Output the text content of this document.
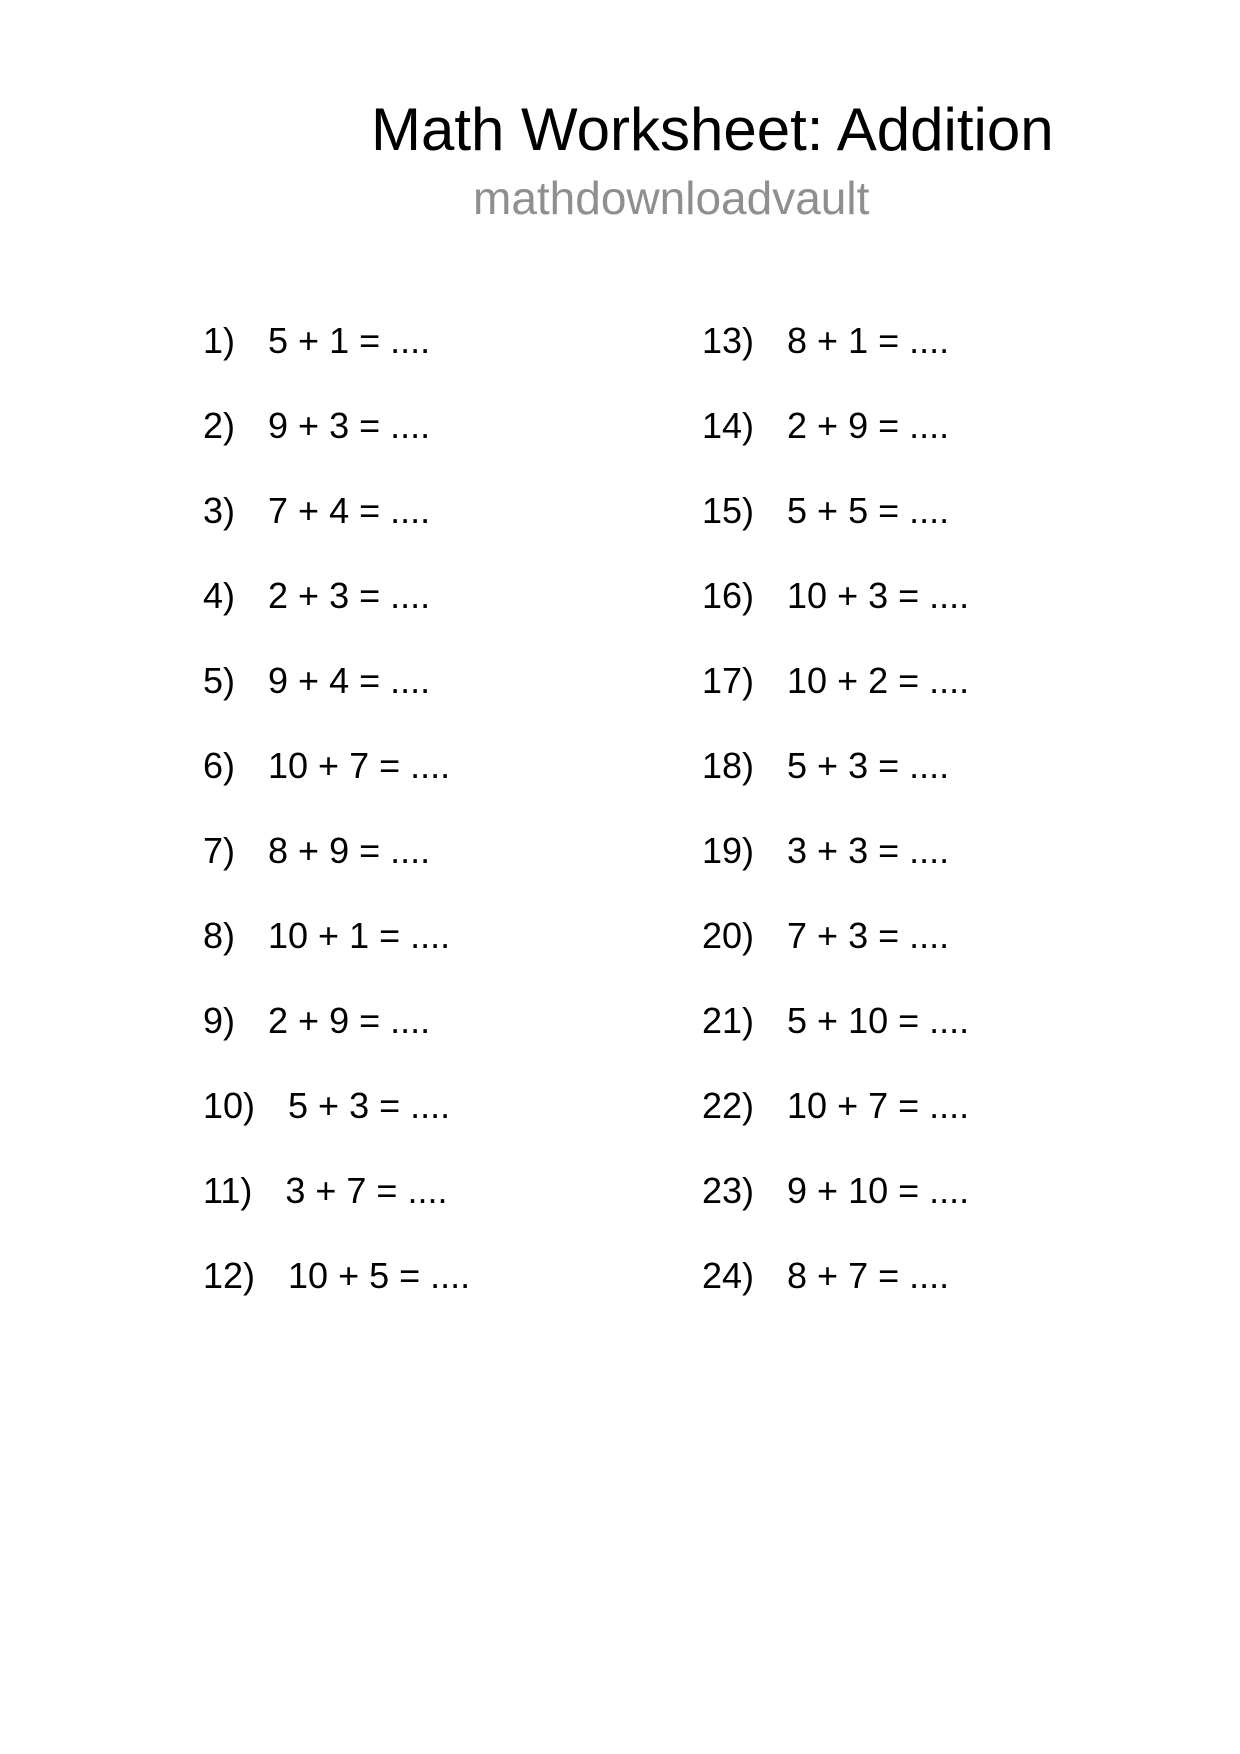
Math Worksheet: Addition
mathdownloadvault
1) 5 + 1 = ....
2) 9 + 3 = ....
3) 7 + 4 = ....
4) 2 + 3 = ....
5) 9 + 4 = ....
6) 10 + 7 = ....
7) 8 + 9 = ....
8) 10 + 1 = ....
9) 2 + 9 = ....
10) 5 + 3 = ....
11) 3 + 7 = ....
12) 10 + 5 = ....
13) 8 + 1 = ....
14) 2 + 9 = ....
15) 5 + 5 = ....
16) 10 + 3 = ....
17) 10 + 2 = ....
18) 5 + 3 = ....
19) 3 + 3 = ....
20) 7 + 3 = ....
21) 5 + 10 = ....
22) 10 + 7 = ....
23) 9 + 10 = ....
24) 8 + 7 = ....
